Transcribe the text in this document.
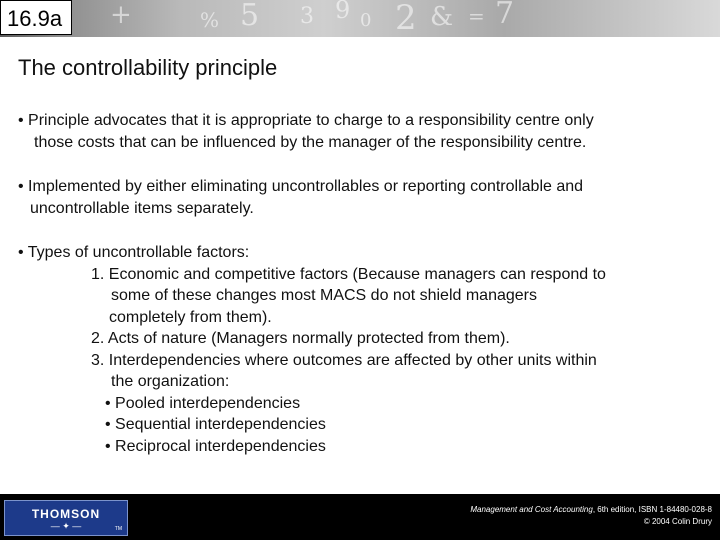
+	5 3 9 0 2 & = 7
%
16.9a
The controllability principle
• Principle advocates that it is appropriate to charge to a responsibility centre only
those costs that can be influenced by the manager of the responsibility centre.
• Implemented by either eliminating uncontrollables or reporting controllable and
uncontrollable items separately.
• Types of uncontrollable factors:
1. Economic and competitive factors (Because managers can respond to
some of these changes most MACS do not shield managers
completely from them).
2. Acts of nature (Managers normally protected from them).
3. Interdependencies where outcomes are affected by other units within
the organization:
• Pooled interdependencies
• Sequential interdependencies
• Reciprocal interdependencies
THOMSON
— ✦ —	TM
Management and Cost Accounting, 6th edition, ISBN 1-84480-028-8
© 2004 Colin Drury
